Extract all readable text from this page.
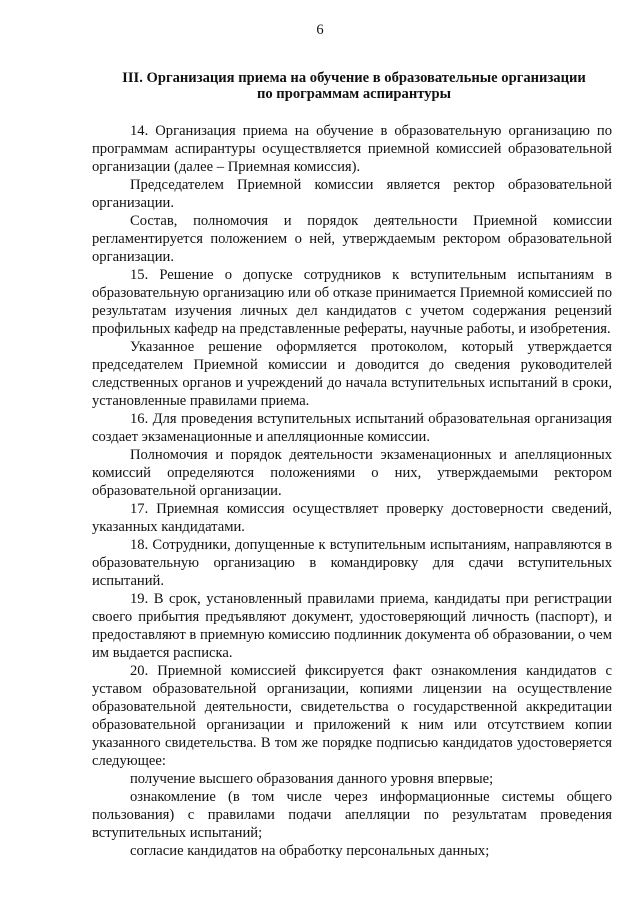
6
III. Организация приема на обучение в образовательные организации
по программам аспирантуры

14. Организация приема на обучение в образовательную организацию по программам аспирантуры осуществляется приемной комиссией образовательной организации (далее – Приемная комиссия).

Председателем Приемной комиссии является ректор образовательной организации.

Состав, полномочия и порядок деятельности Приемной комиссии регламентируется положением о ней, утверждаемым ректором образовательной организации.

15. Решение о допуске сотрудников к вступительным испытаниям в образовательную организацию или об отказе принимается Приемной комиссией по результатам изучения личных дел кандидатов с учетом содержания рецензий профильных кафедр на представленные рефераты, научные работы, и изобретения.

Указанное решение оформляется протоколом, который утверждается председателем Приемной комиссии и доводится до сведения руководителей следственных органов и учреждений до начала вступительных испытаний в сроки, установленные правилами приема.

16. Для проведения вступительных испытаний образовательная организация создает экзаменационные и апелляционные комиссии.

Полномочия и порядок деятельности экзаменационных и апелляционных комиссий определяются положениями о них, утверждаемыми ректором образовательной организации.

17. Приемная комиссия осуществляет проверку достоверности сведений, указанных кандидатами.

18. Сотрудники, допущенные к вступительным испытаниям, направляются в образовательную организацию в командировку для сдачи вступительных испытаний.

19. В срок, установленный правилами приема, кандидаты при регистрации своего прибытия предъявляют документ, удостоверяющий личность (паспорт), и предоставляют в приемную комиссию подлинник документа об образовании, о чем им выдается расписка.

20. Приемной комиссией фиксируется факт ознакомления кандидатов с уставом образовательной организации, копиями лицензии на осуществление образовательной деятельности, свидетельства о государственной аккредитации образовательной организации и приложений к ним или отсутствием копии указанного свидетельства. В том же порядке подписью кандидатов удостоверяется следующее:

получение высшего образования данного уровня впервые;

ознакомление (в том числе через информационные системы общего пользования) с правилами подачи апелляции по результатам проведения вступительных испытаний;

согласие кандидатов на обработку персональных данных;
